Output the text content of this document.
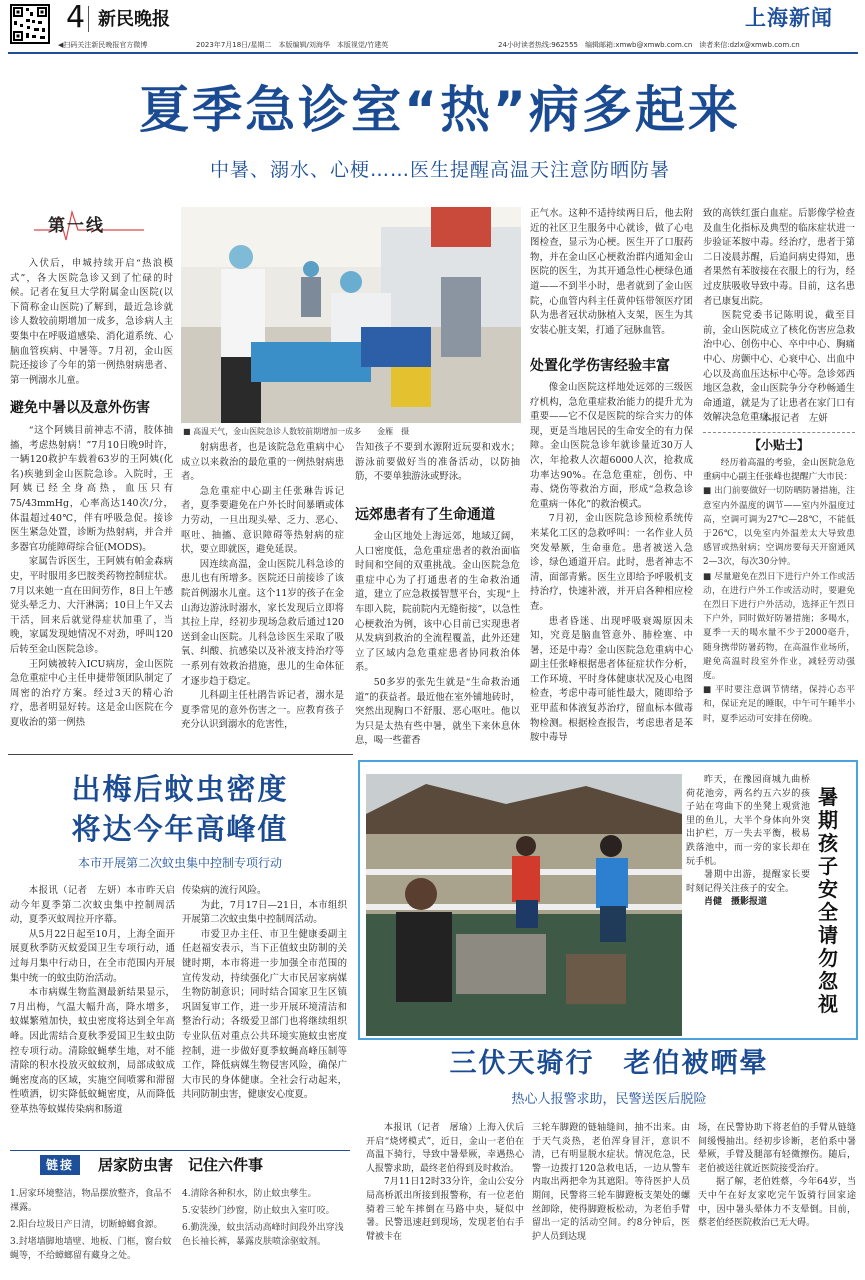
4 新民晚报	上海新闻
◀扫码关注新民晚报官方微博	2023年7月18日/星期二　本版编辑/刘海华　本版视觉/竹建英	24小时读者热线:962555　编辑邮箱:xmwb@xmwb.com.cn　读者来信:dzlx@xmwb.com.cn
夏季急诊室“热”病多起来
中暑、溺水、心梗……医生提醒高温天注意防晒防暑
第一线
■ 高温天气，金山医院急诊人数较前期增加一成多　　金雁　摄

入伏后，申城持续开启“热浪模式”，各大医院急诊又到了忙碌的时候。记者在复旦大学附属金山医院(以下简称金山医院)了解到，最近急诊就诊人数较前期增加一成多，急诊病人主要集中在呼吸道感染、消化道系统、心脑血管疾病、中暑等。7月初，金山医院还接诊了今年的第一例热射病患者、第一例溺水儿童。

避免中暑以及意外伤害

“这个阿姨目前神志不清，肢体抽搐，考虑热射病！”7月10日晚9时许，一辆120救护车载着63岁的王阿姨(化名)疾驰到金山医院急诊。入院时，王阿姨已经全身高热，血压只有75/43mmHg，心率高达140次/分，体温超过40℃，伴有呼吸急促。接诊医生紧急处置，诊断为热射病，并合并多器官功能障碍综合征(MODS)。

家属告诉医生，王阿姨有帕金森病史，平时服用多巴胺类药物控制症状。7月以来她一直在田间劳作，8日上午感觉头晕乏力、大汗淋漓；10日上午又去干活，回来后就觉得症状加重了，当晚，家属发现她情况不对劲，呼叫120后转至金山医院急诊。

王阿姨被转入ICU病房，金山医院急危重症中心主任申捷带领团队制定了周密的治疗方案。经过3天的精心治疗，患者明显好转。这是金山医院在今夏收治的第一例热

射病患者，也是该院急危重病中心成立以来救治的最危重的一例热射病患者。

急危重症中心副主任张琳告诉记者，夏季要避免在户外长时间暴晒或体力劳动，一旦出现头晕、乏力、恶心、呕吐、抽搐、意识障碍等热射病的症状，要立即就医，避免延误。

因连续高温，金山医院儿科急诊的患儿也有所增多。医院还日前接诊了该院首例溺水儿童。这个11岁的孩子在金山海边游泳时溺水，家长发现后立即将其拉上岸，经初步现场急救后通过120送到金山医院。儿科急诊医生采取了吸氧、纠酸、抗感染以及补液支持治疗等一系列有效救治措施，患儿的生命体征才逐步趋于稳定。

儿科副主任杜鹃告诉记者，溺水是夏季常见的意外伤害之一。应教育孩子充分认识到溺水的危害性，

告知孩子不要到水源附近玩耍和戏水；游泳前要做好当的准备活动，以防抽筋，不要单独游泳或野泳。

远郊患者有了生命通道

金山区地处上海远郊，地域辽阔，人口密度低，急危重症患者的救治面临时间和空间的双重挑战。金山医院急危重症中心为了打通患者的生命救治通道，建立了应急救援智慧平台，实现“上车即入院，院前院内无缝衔接”，以急性心梗救治为例，该中心目前已实现患者从发病到救治的全流程覆盖，此外还建立了区域内急危重症患者协同救治体系。

50多岁的张先生就是“生命救治通道”的获益者。最近他在室外铺地砖时，突然出现胸口不舒服、恶心呕吐。他以为只是太热有些中暑，就坐下来休息休息，喝一些藿香

正气水。这种不适持续两日后，他去附近的社区卫生服务中心就诊，做了心电图检查，显示为心梗。医生开了口服药物，并在金山区心梗救治群内通知金山医院的医生，为其开通急性心梗绿色通道——不到半小时，患者就到了金山医院，心血管内科主任黄仲钰带领医疗团队为患者冠状动脉植入支架，医生为其安装心脏支架，打通了冠脉血管。

处置化学伤害经验丰富

像金山医院这样地处远郊的三级医疗机构，急危重症救治能力的提升尤为重要——它不仅是医院的综合实力的体现，更是当地居民的生命安全的有力保障。金山医院急诊年就诊量近30万人次，年抢救人次超6000人次，抢救成功率达90%。在急危重症，创伤、中毒、烧伤等救治方面，形成“急救急诊危重病一体化”的救治模式。

7月初，金山医院急诊预检系统传来某化工区的急救呼叫：一名作业人员突发晕厥，生命垂危。患者被送入急诊，绿色通道开启。此时，患者神志不清，面部青紫。医生立即给予呼吸机支持治疗，快速补液，并开启各种相应检查。

患者昏迷、出现呼吸衰竭原因未知，究竟是脑血管意外、肺栓塞、中暑，还是中毒？金山医院急危重病中心副主任张峰根据患者体征症状作分析，工作环境、平时身体健康状况及心电图检查，考虑中毒可能性最大，随即给予亚甲蓝和体液复苏治疗，留血标本做毒物检测。根据检查报告，考虑患者是苯胺中毒导

致的高铁红蛋白血症。后影像学检查及血生化指标及典型的临床症状进一步验证苯胺中毒。经治疗，患者于第二日凌晨苏醒，后追问病史得知，患者果然有苯胺接在衣服上的行为，经过皮肤吸收导致中毒。目前，这名患者已康复出院。

医院党委书记陈明说，截至目前，金山医院成立了核化伤害应急救治中心、创伤中心、卒中中心、胸痛中心、房颤中心、心衰中心、出血中心以及高血压达标中心等。急诊郊西地区急救，金山医院争分夺秒畅通生命通道，就是为了让患者在家门口有效解决急危重症。

本报记者　左妍
【小贴士】

经历着高温的考验，金山医院急危重病中心副主任张峰也提醒广大市民：

■ 出门前要做好一切防晒防暑措施，注意室内外温度的调节——室内外温度过高，空调可调为27℃—28℃，不能低于26℃，以免室内外温差太大导致患感冒或热射病；空调房要每天开窗通风2—3次，每次30分钟。

■ 尽量避免在烈日下进行户外工作或活动，在进行户外工作或活动时，要避免在烈日下进行户外活动，选择正午烈日下户外，同时做好防暑措施；多喝水，夏季一天的喝水量不少于2000毫升，随身携带防暑药物，在高温作业场所，避免高温时段室外作业，减轻劳动强度。

■ 平时要注意调节情绪，保持心态平和，保证充足的睡眠，中午可午睡半小时，夏季运动可安排在傍晚。

出梅后蚊虫密度
将达今年高峰值
本市开展第二次蚊虫集中控制专项行动

本报讯（记者　左妍）本市昨天启动今年夏季第二次蚊虫集中控制周活动，夏季灭蚊周拉开序幕。

从5月22日起至10月，上海全面开展夏秋季防灭蚊爱国卫生专项行动，通过每月集中行动日，在全市范围内开展集中统一的蚊虫防治活动。

本市病媒生物监测最新结果显示，7月出梅，气温大幅升高，降水增多，蚊媒繁殖加快，蚊虫密度将达到全年高峰。因此需结合夏秋季爱国卫生蚊虫防控专项行动。清除蚊蝇孳生地，对不能清除的积水投放灭蚊蚊剂，局部成蚊成蝇密度高的区域，实施空间喷雾和滞留性喷洒，切实降低蚊蝇密度，从而降低登革热等蚊媒传染病和肠道

传染病的流行风险。

为此，7月17日—21日，本市组织开展第二次蚊虫集中控制周活动。

市爱卫办主任、市卫生健康委副主任赵福安表示，当下正值蚊虫防制的关键时期，本市将进一步加强全市范围的宣传发动，持续强化广大市民居家病媒生物防制意识；同时结合国家卫生区镇巩固复审工作，进一步开展环境清洁和整治行动；各级爱卫部门也将继续组织专业队伍对重点公共环境实施蚊虫密度控制，进一步做好夏季蚊蝇高峰压制等工作，降低病媒生物侵害风险，确保广大市民的身体健康。全社会行动起来，共同防制虫害，健康安心度夏。

链接	居家防虫害　记住六件事
1.居家环境整洁，物品摆放整齐，食品不裸露。
2.阳台垃圾日产日清，切断蟑螂食源。
3.封堵墙脚地墙壁、地板、门框，窗台蚊蝇等，不给蟑螂留有藏身之处。
4.清除各种积水，防止蚊虫孳生。
5.安装纱门纱窗，防止蚊虫入室叮咬。
6.勤洗澡，蚊虫活动高峰时间段外出穿浅色长袖长裤，暴露皮肤喷涂驱蚊剂。
暑期孩子安全请勿忽视

昨天，在豫园商城九曲桥荷花池旁，两名约五六岁的孩子站在弯曲下的坐凳上观赏池里的鱼儿，大半个身体向外突出护栏，万一失去平衡，极易跌落池中，而一旁的家长却在玩手机。

暑期中出游，提醒家长要时刻记得关注孩子的安全。

肖健　摄影报道

三伏天骑行　老伯被晒晕
热心人报警求助，民警送医后脱险

本报讯（记者　屠瑜）上海入伏后开启“烧烤模式”，近日，金山一老伯在高温下骑行，导致中暑晕厥，幸遇热心人报警求助，最终老伯得到及时救治。

7月11日12时33分许，金山公安分局高桥派出所接到报警称，有一位老伯骑着三轮车摔倒在马路中央，疑似中暑。民警迅速赶到现场，发现老伯右手臂被卡在

三轮车脚蹬的链轴缝间，抽不出来。由于天气炎热，老伯浑身冒汗，意识不清，已有明显脱水症状。情况危急，民警一边拨打120急救电话，一边从警车内取出两把伞为其遮阳。等待医护人员期间，民警将三轮车脚蹬板支架处的螺丝卸除，使得脚蹬板松动，为老伯手臂留出一定的活动空间。约8分钟后，医护人员到达现

场，在民警协助下将老伯的手臂从链缝间缓慢抽出。经初步诊断，老伯系中暑晕厥，手臂及腿部有轻微擦伤。随后，老伯被送往就近医院接受治疗。

据了解，老伯姓蔡，今年64岁，当天中午在好友家吃完午饭骑行回家途中，因中暑头晕体力不支晕倒。目前，蔡老伯经医院救治已无大碍。
